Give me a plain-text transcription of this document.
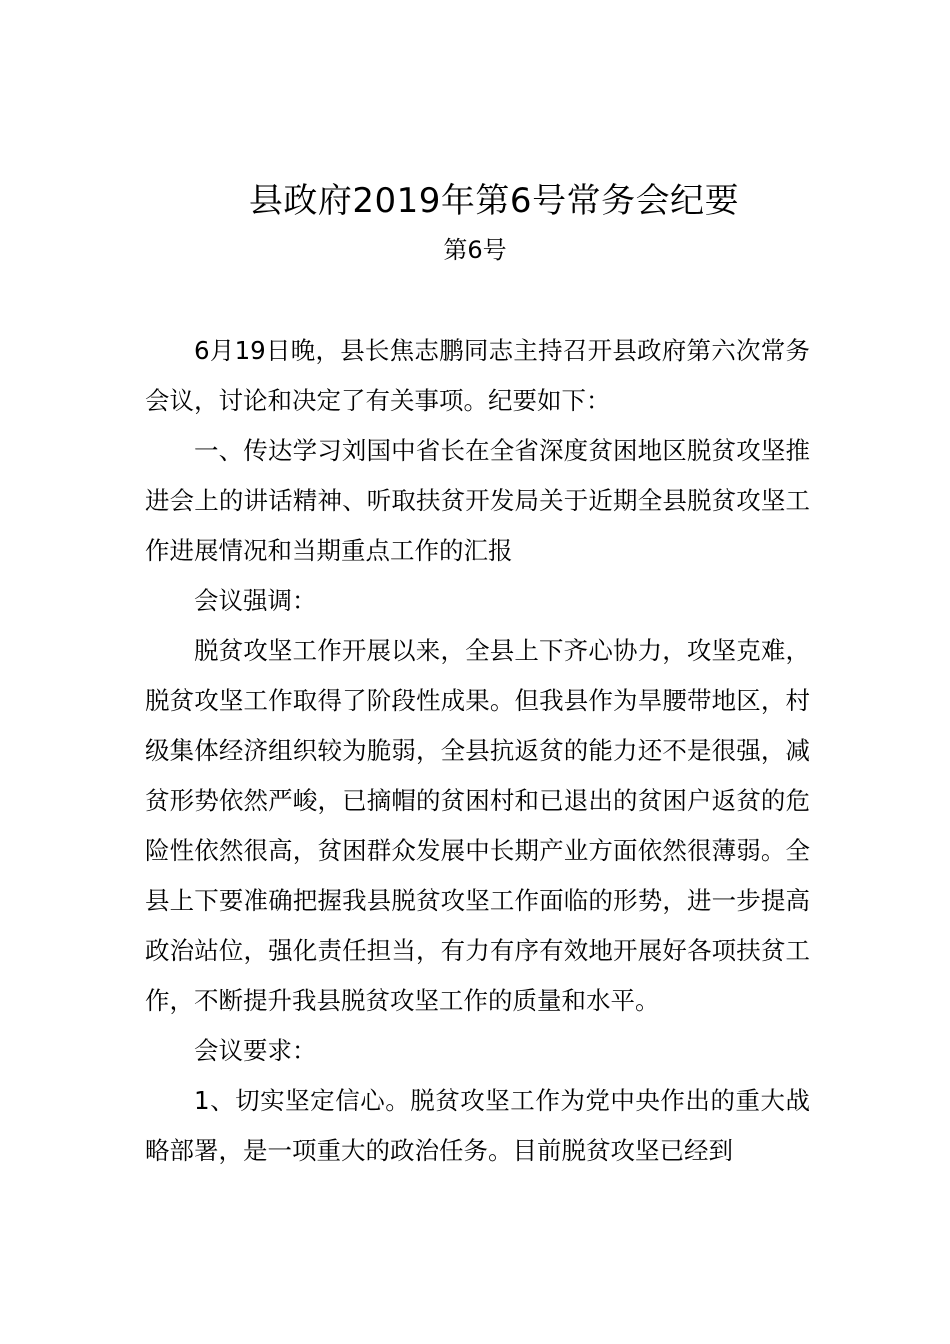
县政府2019年第6号常务会纪要
第6号

6月19日晚，县长焦志鹏同志主持召开县政府第六次常务会议，讨论和决定了有关事项。纪要如下：

一、传达学习刘国中省长在全省深度贫困地区脱贫攻坚推进会上的讲话精神、听取扶贫开发局关于近期全县脱贫攻坚工作进展情况和当期重点工作的汇报

会议强调：

脱贫攻坚工作开展以来，全县上下齐心协力，攻坚克难，脱贫攻坚工作取得了阶段性成果。但我县作为旱腰带地区，村级集体经济组织较为脆弱，全县抗返贫的能力还不是很强，减贫形势依然严峻，已摘帽的贫困村和已退出的贫困户返贫的危险性依然很高，贫困群众发展中长期产业方面依然很薄弱。全县上下要准确把握我县脱贫攻坚工作面临的形势，进一步提高政治站位，强化责任担当，有力有序有效地开展好各项扶贫工作，不断提升我县脱贫攻坚工作的质量和水平。

会议要求：

1、切实坚定信心。脱贫攻坚工作为党中央作出的重大战略部署，是一项重大的政治任务。目前脱贫攻坚已经到
